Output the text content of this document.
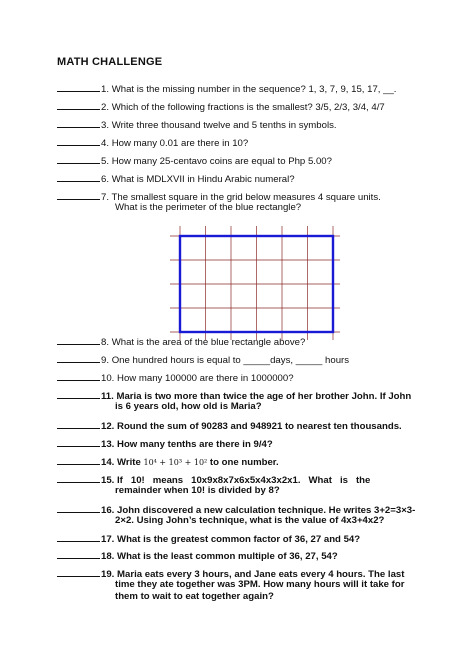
MATH CHALLENGE
1. What is the missing number in the sequence? 1, 3, 7, 9, 15, 17, __.
2. Which of the following fractions is the smallest? 3/5, 2/3, 3/4, 4/7
3. Write three thousand twelve and 5 tenths in symbols.
4. How many 0.01 are there in 10?
5. How many 25-centavo coins are equal to Php 5.00?
6. What is MDLXVII in Hindu Arabic numeral?
7. The smallest square in the grid below measures 4 square units.
What is the perimeter of the blue rectangle?
8. What is the area of the blue rectangle above?
9. One hundred hours is equal to _____days, _____ hours
10. How many 100000 are there in 1000000?
11. Maria is two more than twice the age of her brother John. If John
is 6 years old, how old is Maria?
12. Round the sum of 90283 and 948921 to nearest ten thousands.
13. How many tenths are there in 9/4?
14. Write 10⁴ + 10³ + 10² to one number.
15. If   10!   means   10x9x8x7x6x5x4x3x2x1.   What   is   the
remainder when 10! is divided by 8?
16. John discovered a new calculation technique. He writes 3+2=3×3-
2×2. Using John’s technique, what is the value of 4x3+4x2?
17. What is the greatest common factor of 36, 27 and 54?
18. What is the least common multiple of 36, 27, 54?
19. Maria eats every 3 hours, and Jane eats every 4 hours. The last
time they ate together was 3PM. How many hours will it take for
them to wait to eat together again?
